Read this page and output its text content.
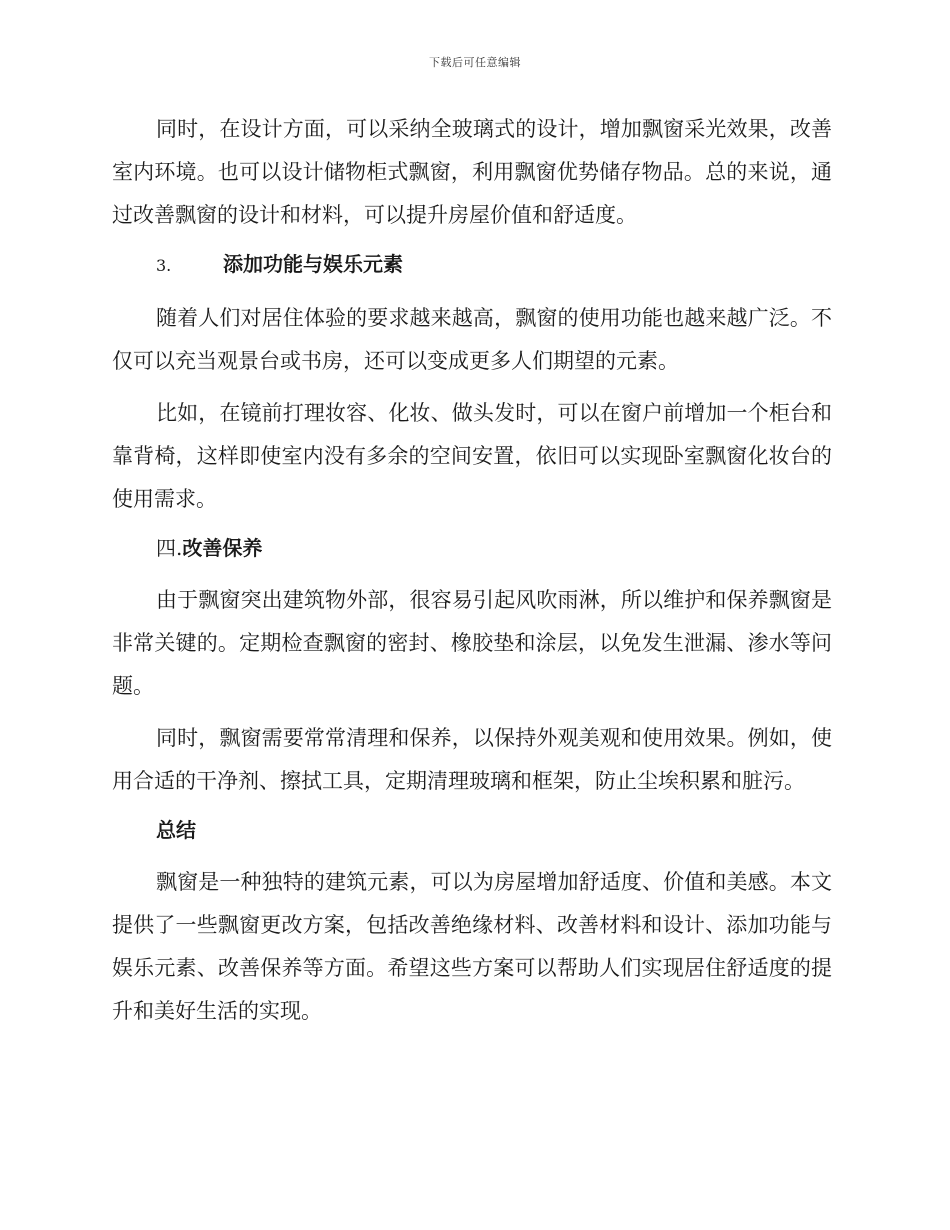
下载后可任意编辑

同时，在设计方面，可以采纳全玻璃式的设计，增加飘窗采光效果，改善室内环境。也可以设计储物柜式飘窗，利用飘窗优势储存物品。总的来说，通过改善飘窗的设计和材料，可以提升房屋价值和舒适度。

3.	添加功能与娱乐元素

随着人们对居住体验的要求越来越高，飘窗的使用功能也越来越广泛。不仅可以充当观景台或书房，还可以变成更多人们期望的元素。

比如，在镜前打理妆容、化妆、做头发时，可以在窗户前增加一个柜台和靠背椅，这样即使室内没有多余的空间安置，依旧可以实现卧室飘窗化妆台的使用需求。

四.改善保养

由于飘窗突出建筑物外部，很容易引起风吹雨淋，所以维护和保养飘窗是非常关键的。定期检查飘窗的密封、橡胶垫和涂层，以免发生泄漏、渗水等问题。

同时，飘窗需要常常清理和保养，以保持外观美观和使用效果。例如，使用合适的干净剂、擦拭工具，定期清理玻璃和框架，防止尘埃积累和脏污。

总结

飘窗是一种独特的建筑元素，可以为房屋增加舒适度、价值和美感。本文提供了一些飘窗更改方案，包括改善绝缘材料、改善材料和设计、添加功能与娱乐元素、改善保养等方面。希望这些方案可以帮助人们实现居住舒适度的提升和美好生活的实现。
